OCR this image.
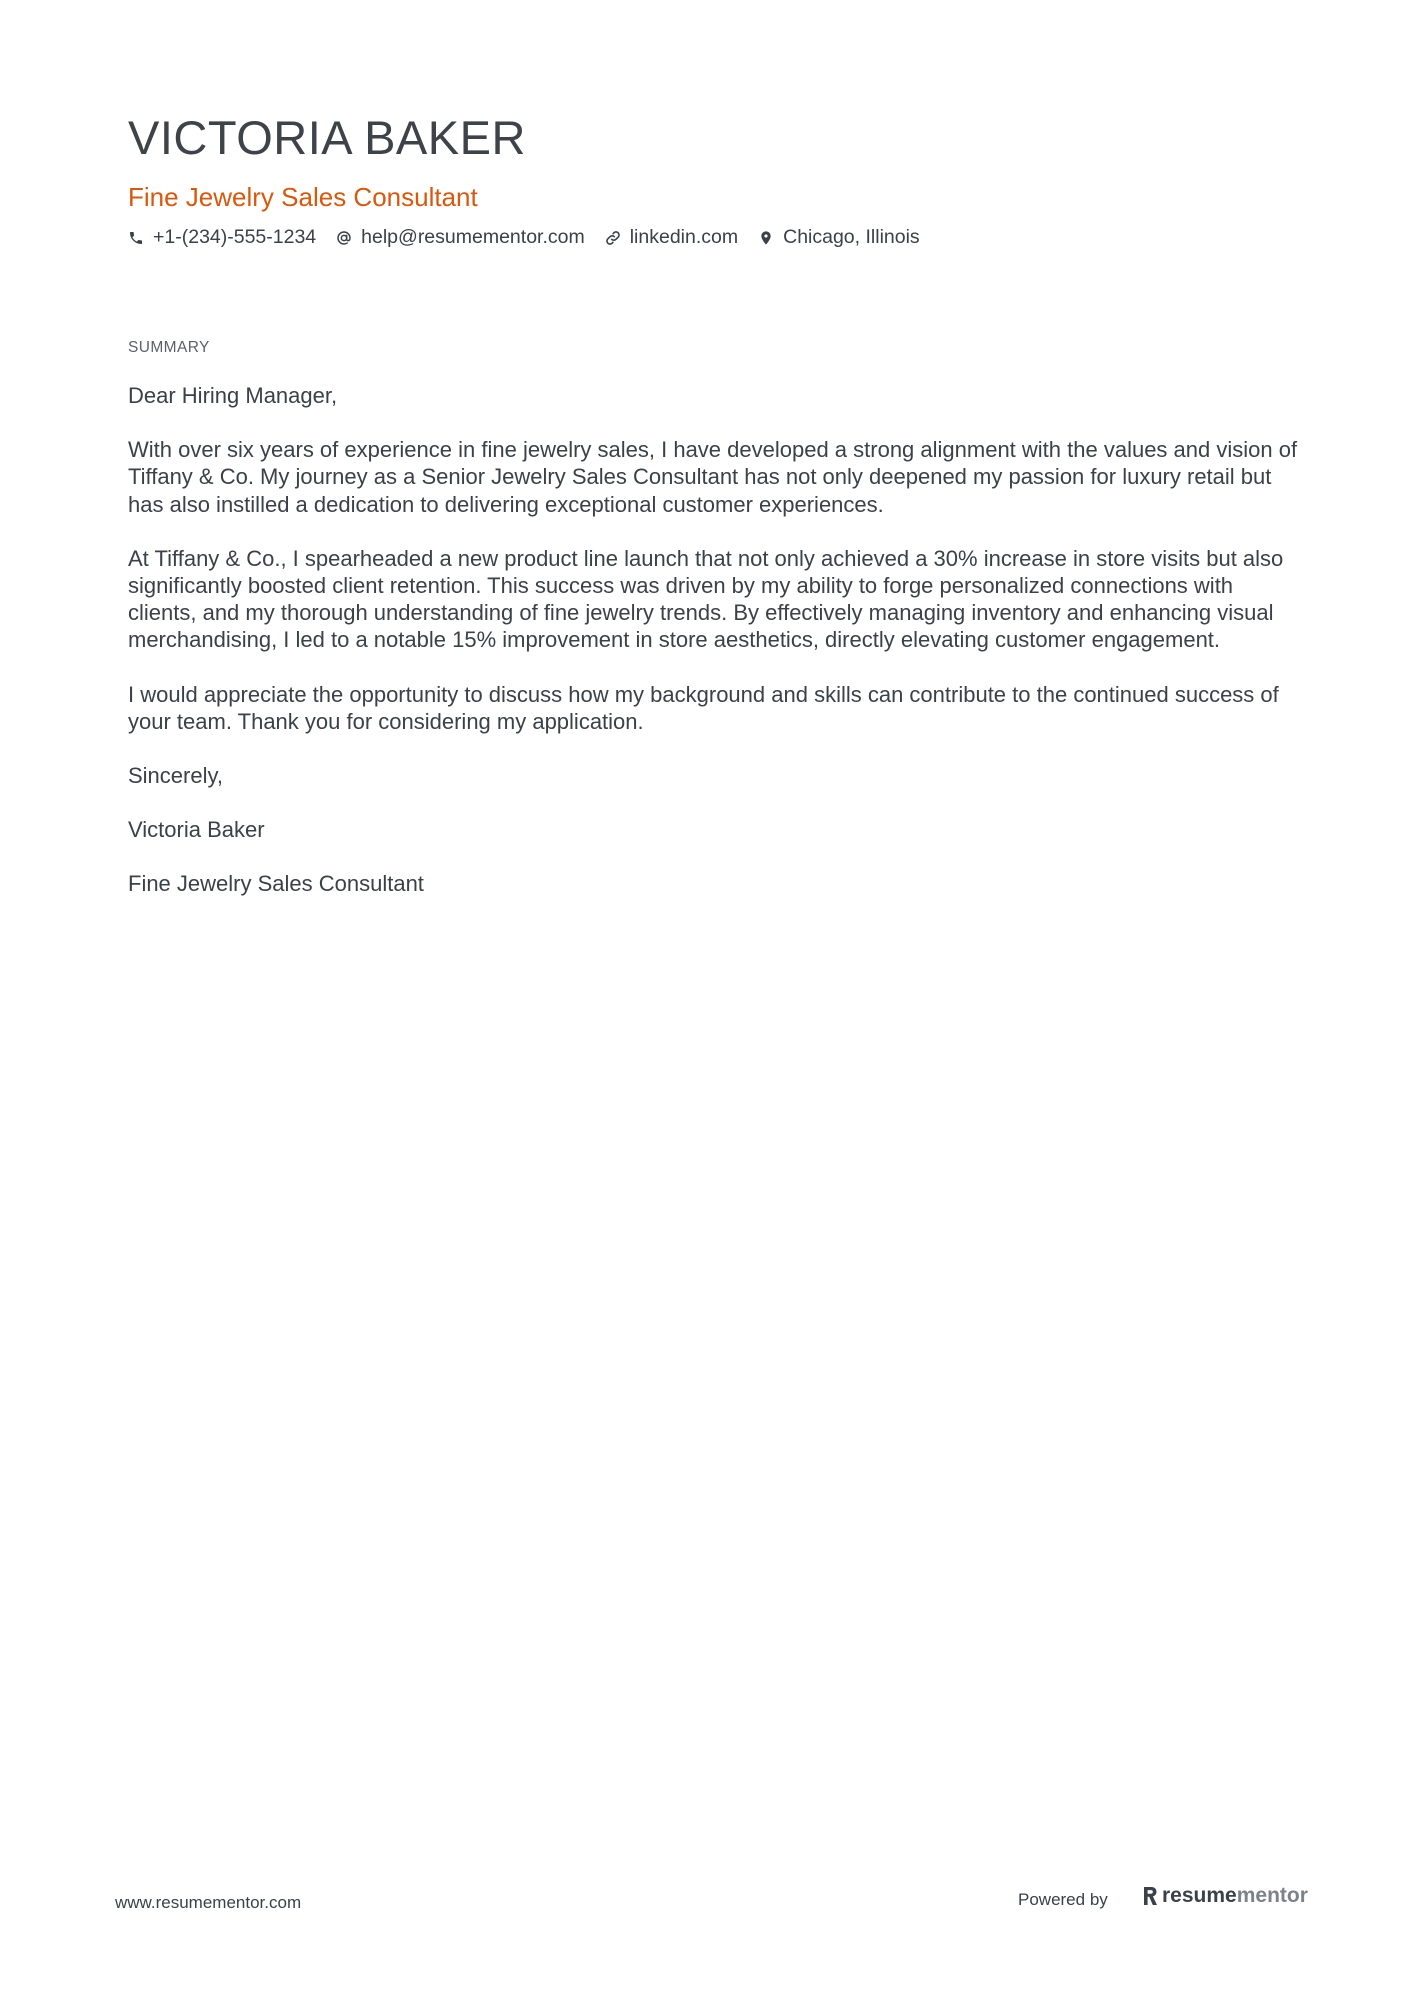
VICTORIA BAKER
Fine Jewelry Sales Consultant
+1-(234)-555-1234 help@resumementor.com linkedin.com Chicago, Illinois
SUMMARY

Dear Hiring Manager,

With over six years of experience in fine jewelry sales, I have developed a strong alignment with the values and vision of Tiffany & Co. My journey as a Senior Jewelry Sales Consultant has not only deepened my passion for luxury retail but has also instilled a dedication to delivering exceptional customer experiences.

At Tiffany & Co., I spearheaded a new product line launch that not only achieved a 30% increase in store visits but also significantly boosted client retention. This success was driven by my ability to forge personalized connections with clients, and my thorough understanding of fine jewelry trends. By effectively managing inventory and enhancing visual merchandising, I led to a notable 15% improvement in store aesthetics, directly elevating customer engagement.

I would appreciate the opportunity to discuss how my background and skills can contribute to the continued success of your team. Thank you for considering my application.

Sincerely,

Victoria Baker

Fine Jewelry Sales Consultant

www.resumementor.com	Powered by	resume mentor
